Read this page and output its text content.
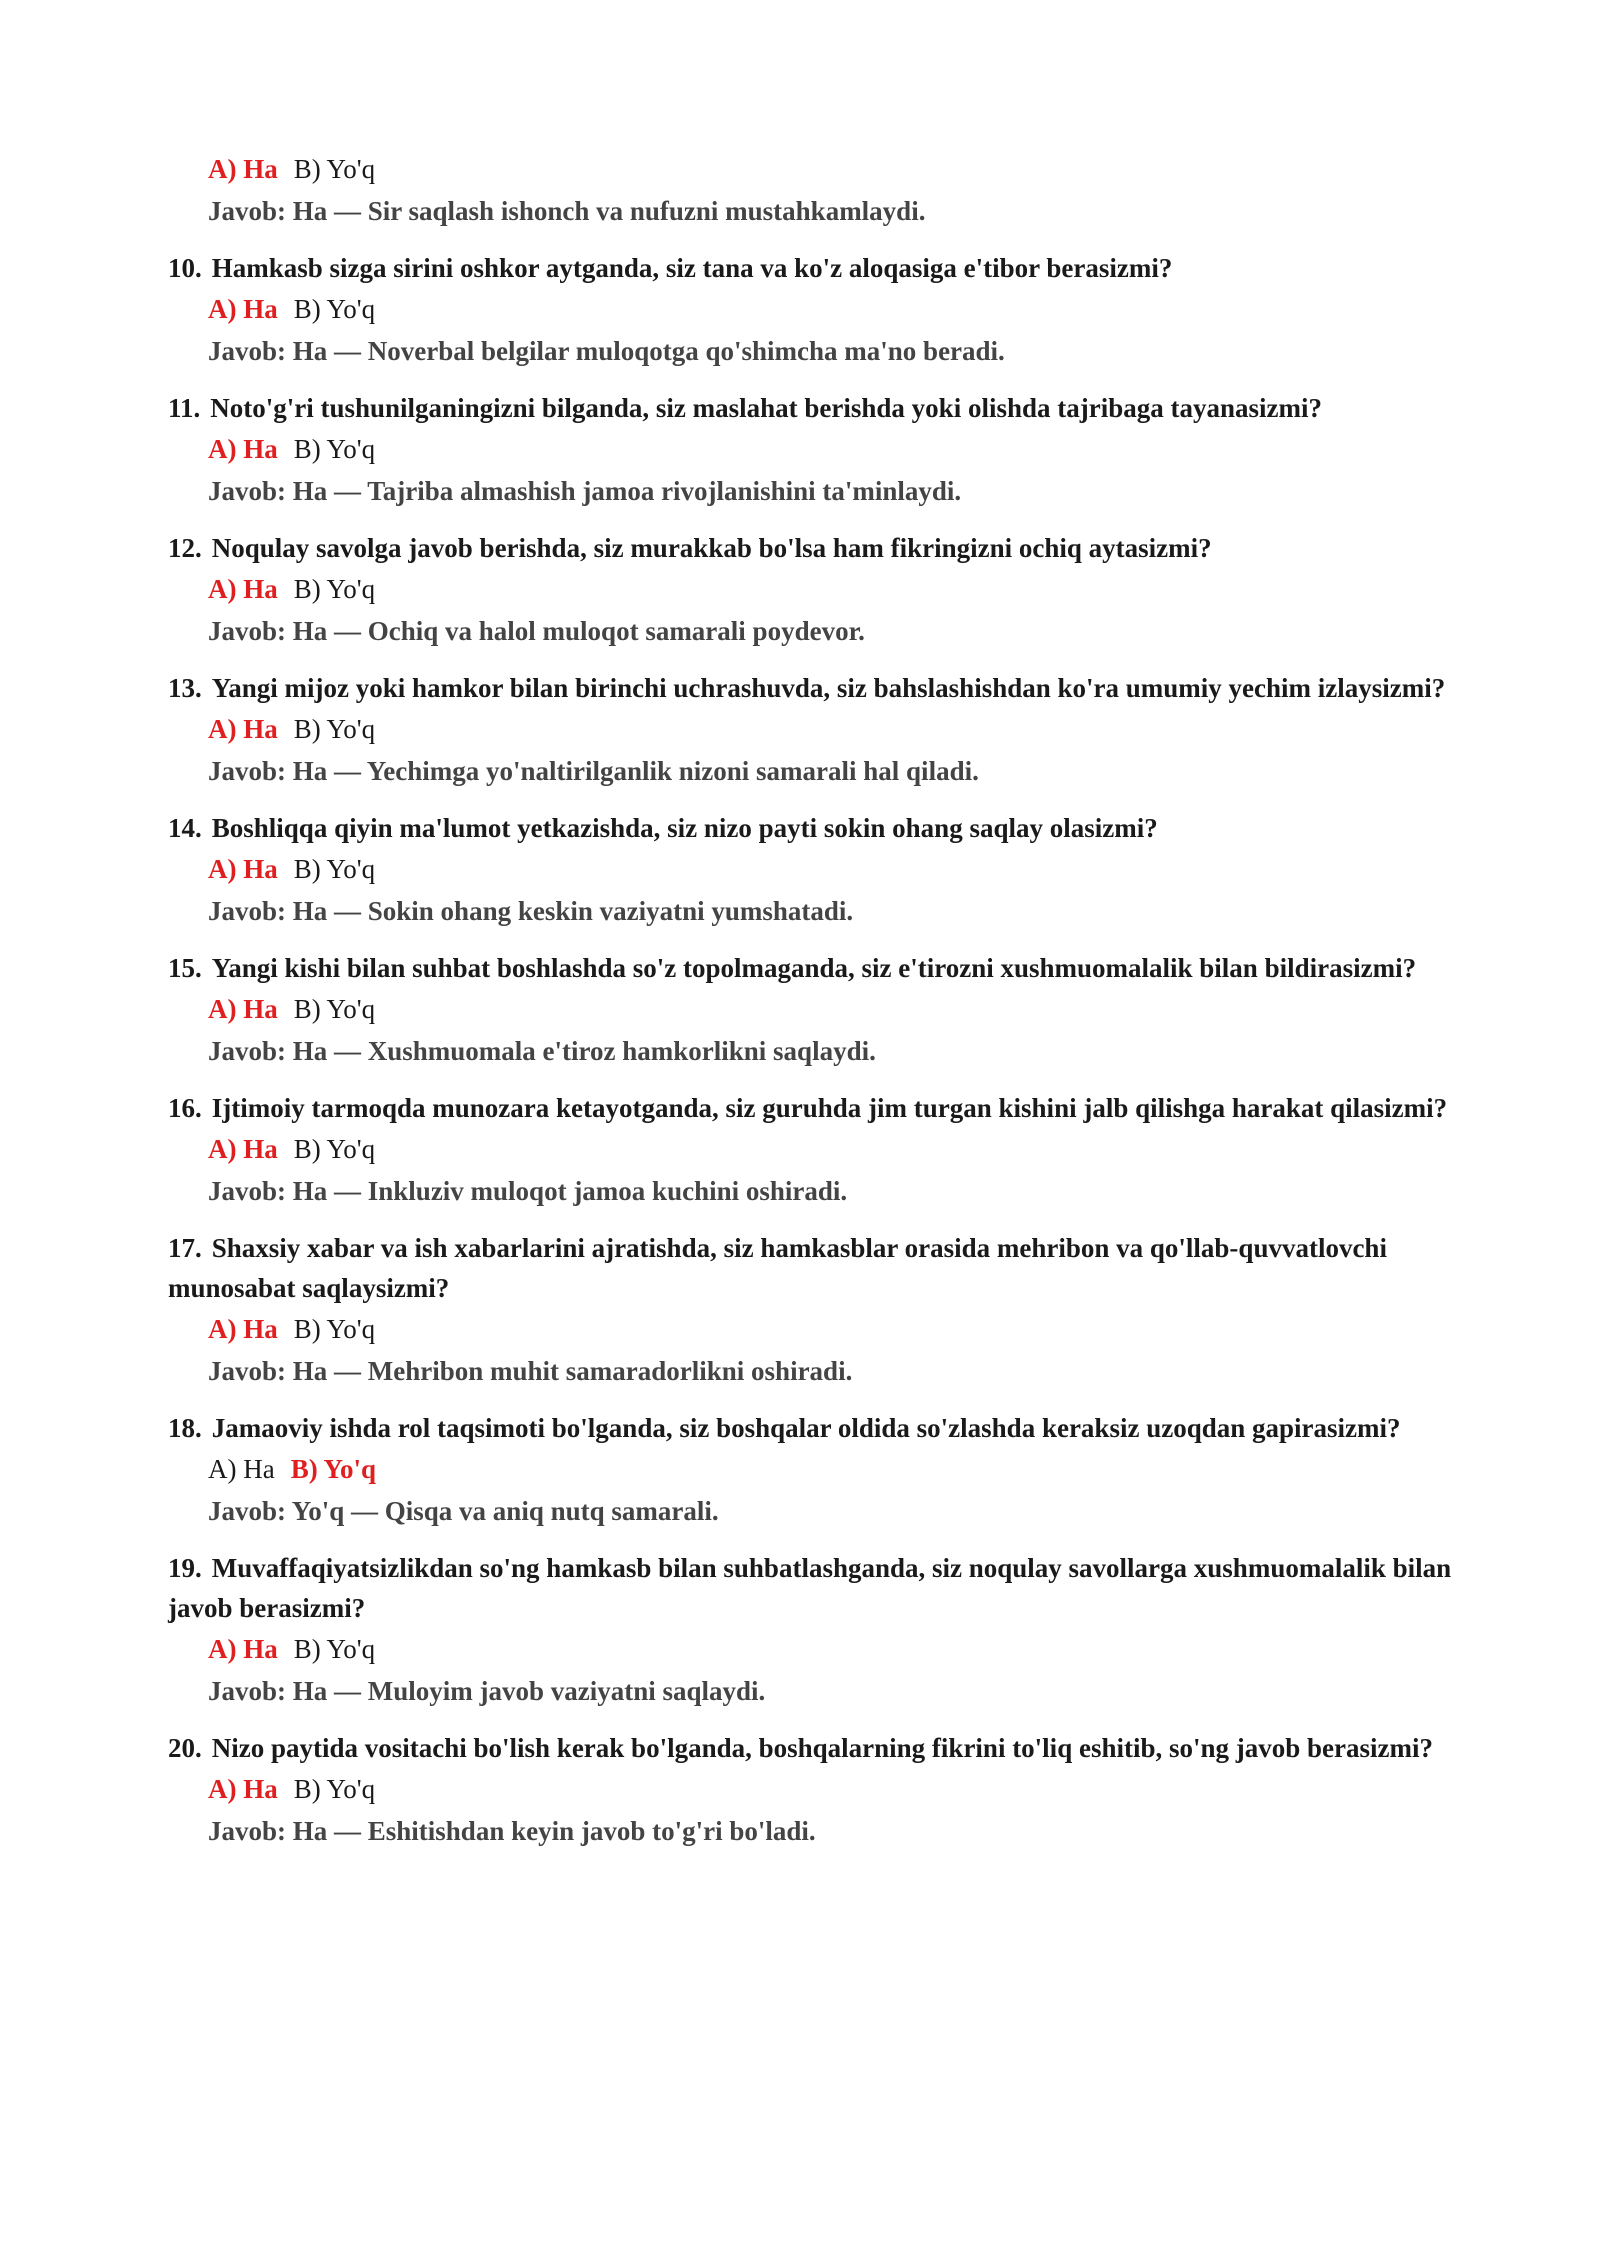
A) Ha B) Yo'q
Javob: Ha — Sir saqlash ishonch va nufuzni mustahkamlaydi.
10. Hamkasb sizga sirini oshkor aytganda, siz tana va ko'z aloqasiga e'tibor berasizmi?
A) Ha B) Yo'q
Javob: Ha — Noverbal belgilar muloqotga qo'shimcha ma'no beradi.
11. Noto'g'ri tushunilganingizni bilganda, siz maslahat berishda yoki olishda tajribaga tayanasizmi?
A) Ha B) Yo'q
Javob: Ha — Tajriba almashish jamoa rivojlanishini ta'minlaydi.
12. Noqulay savolga javob berishda, siz murakkab bo'lsa ham fikringizni ochiq aytasizmi?
A) Ha B) Yo'q
Javob: Ha — Ochiq va halol muloqot samarali poydevor.
13. Yangi mijoz yoki hamkor bilan birinchi uchrashuvda, siz bahslashishdan ko'ra umumiy yechim izlaysizmi?
A) Ha B) Yo'q
Javob: Ha — Yechimga yo'naltirilganlik nizoni samarali hal qiladi.
14. Boshliqqa qiyin ma'lumot yetkazishda, siz nizo payti sokin ohang saqlay olasizmi?
A) Ha B) Yo'q
Javob: Ha — Sokin ohang keskin vaziyatni yumshatadi.
15. Yangi kishi bilan suhbat boshlashda so'z topolmaganda, siz e'tirozni xushmuomalalik bilan bildirasizmi?
A) Ha B) Yo'q
Javob: Ha — Xushmuomala e'tiroz hamkorlikni saqlaydi.
16. Ijtimoiy tarmoqda munozara ketayotganda, siz guruhda jim turgan kishini jalb qilishga harakat qilasizmi?
A) Ha B) Yo'q
Javob: Ha — Inkluziv muloqot jamoa kuchini oshiradi.
17. Shaxsiy xabar va ish xabarlarini ajratishda, siz hamkasblar orasida mehribon va qo'llab-quvvatlovchi munosabat saqlaysizmi?
A) Ha B) Yo'q
Javob: Ha — Mehribon muhit samaradorlikni oshiradi.
18. Jamaoviy ishda rol taqsimoti bo'lganda, siz boshqalar oldida so'zlashda keraksiz uzoqdan gapirasizmi?
A) Ha B) Yo'q
Javob: Yo'q — Qisqa va aniq nutq samarali.
19. Muvaffaqiyatsizlikdan so'ng hamkasb bilan suhbatlashganda, siz noqulay savollarga xushmuomalalik bilan javob berasizmi?
A) Ha B) Yo'q
Javob: Ha — Muloyim javob vaziyatni saqlaydi.
20. Nizo paytida vositachi bo'lish kerak bo'lganda, boshqalarning fikrini to'liq eshitib, so'ng javob berasizmi?
A) Ha B) Yo'q
Javob: Ha — Eshitishdan keyin javob to'g'ri bo'ladi.
